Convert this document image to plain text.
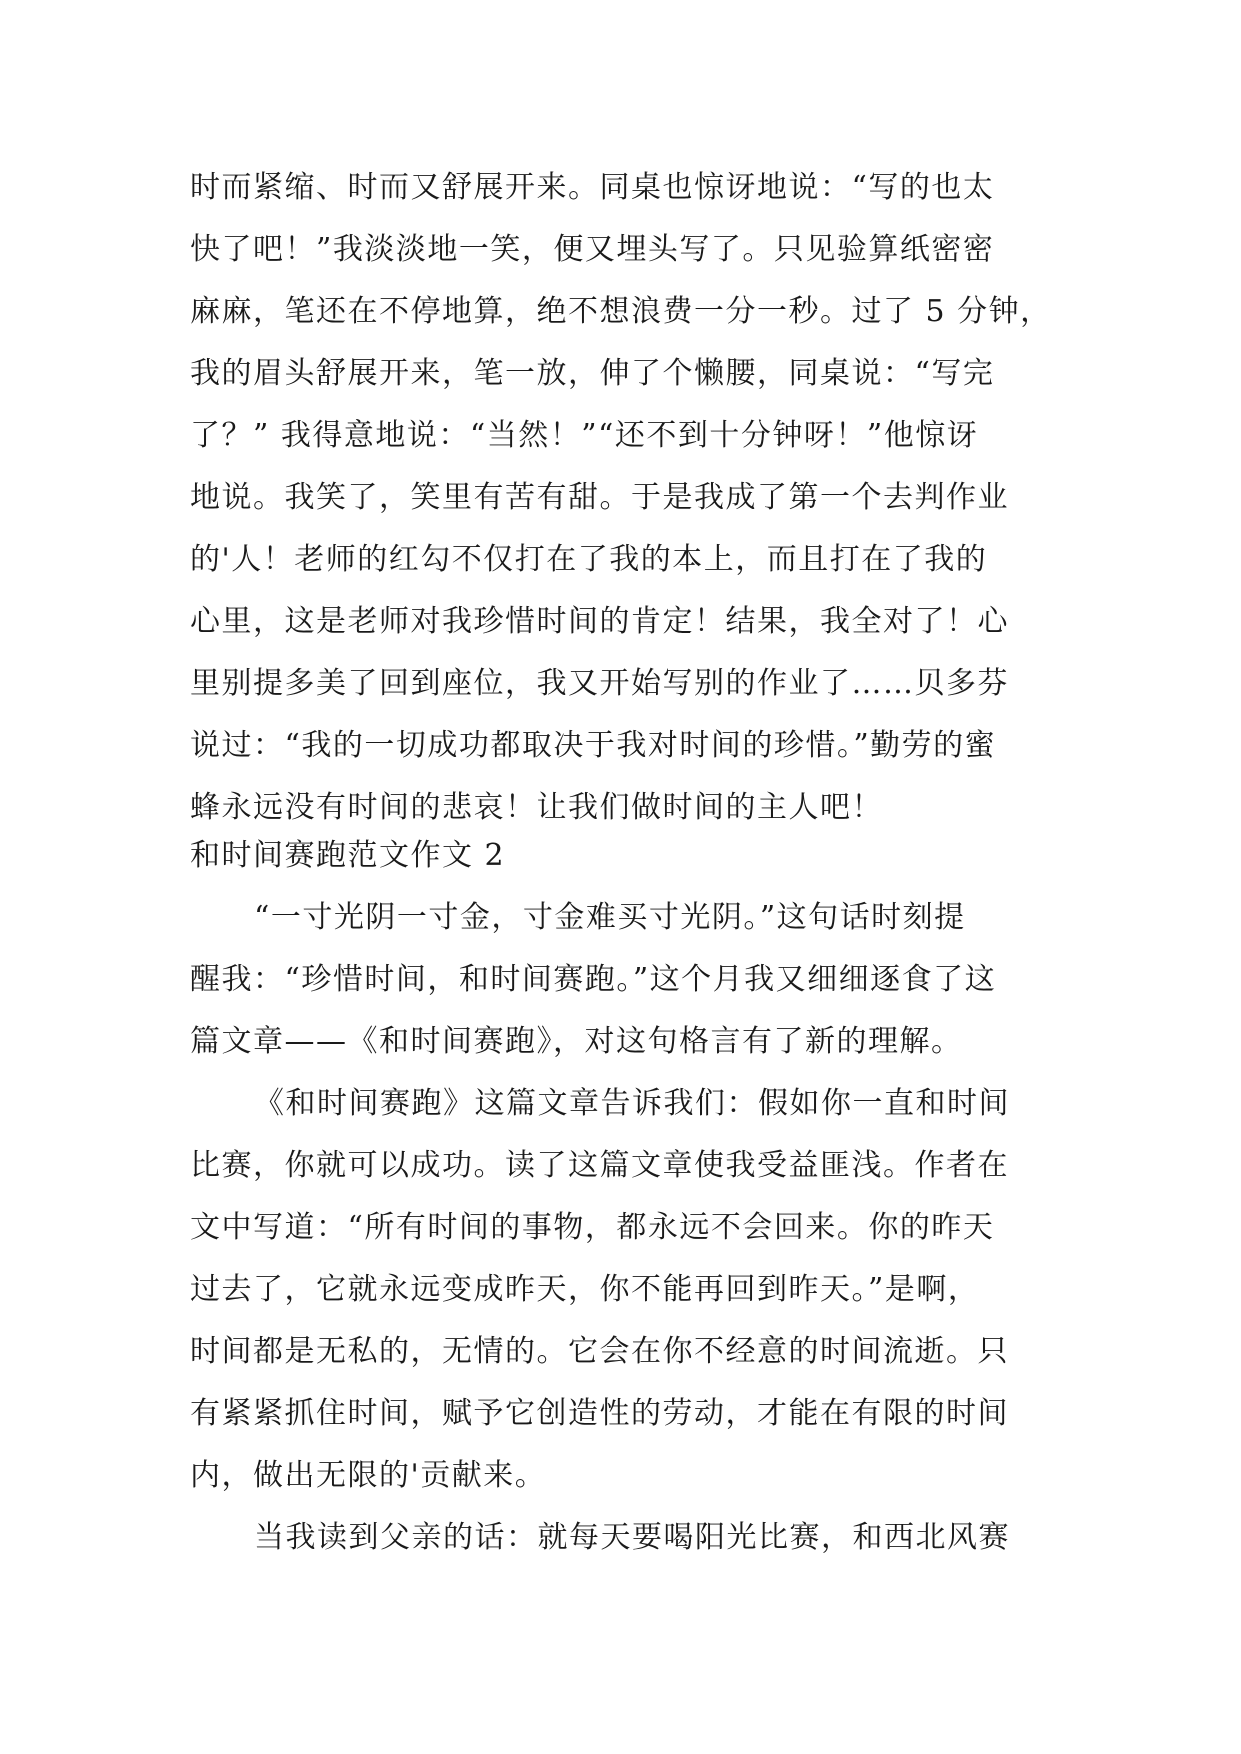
时而紧缩、时而又舒展开来。同桌也惊讶地说：“写的也太
快了吧！”我淡淡地一笑，便又埋头写了。只见验算纸密密
麻麻，笔还在不停地算，绝不想浪费一分一秒。过了 5 分钟，
我的眉头舒展开来，笔一放，伸了个懒腰，同桌说：“写完
了？” 我得意地说：“当然！”“还不到十分钟呀！”他惊讶
地说。我笑了，笑里有苦有甜。于是我成了第一个去判作业
的'人！老师的红勾不仅打在了我的本上，而且打在了我的
心里，这是老师对我珍惜时间的肯定！结果，我全对了！心
里别提多美了回到座位，我又开始写别的作业了……贝多芬
说过：“我的一切成功都取决于我对时间的珍惜。”勤劳的蜜
蜂永远没有时间的悲哀！让我们做时间的主人吧！
和时间赛跑范文作文 2
“一寸光阴一寸金，寸金难买寸光阴。”这句话时刻提
醒我：“珍惜时间，和时间赛跑。”这个月我又细细逐食了这
篇文章——《和时间赛跑》，对这句格言有了新的理解。
《和时间赛跑》这篇文章告诉我们：假如你一直和时间
比赛，你就可以成功。读了这篇文章使我受益匪浅。作者在
文中写道：“所有时间的事物，都永远不会回来。你的昨天
过去了，它就永远变成昨天，你不能再回到昨天。”是啊，
时间都是无私的，无情的。它会在你不经意的时间流逝。只
有紧紧抓住时间，赋予它创造性的劳动，才能在有限的时间
内，做出无限的'贡献来。
当我读到父亲的话：就每天要喝阳光比赛，和西北风赛
